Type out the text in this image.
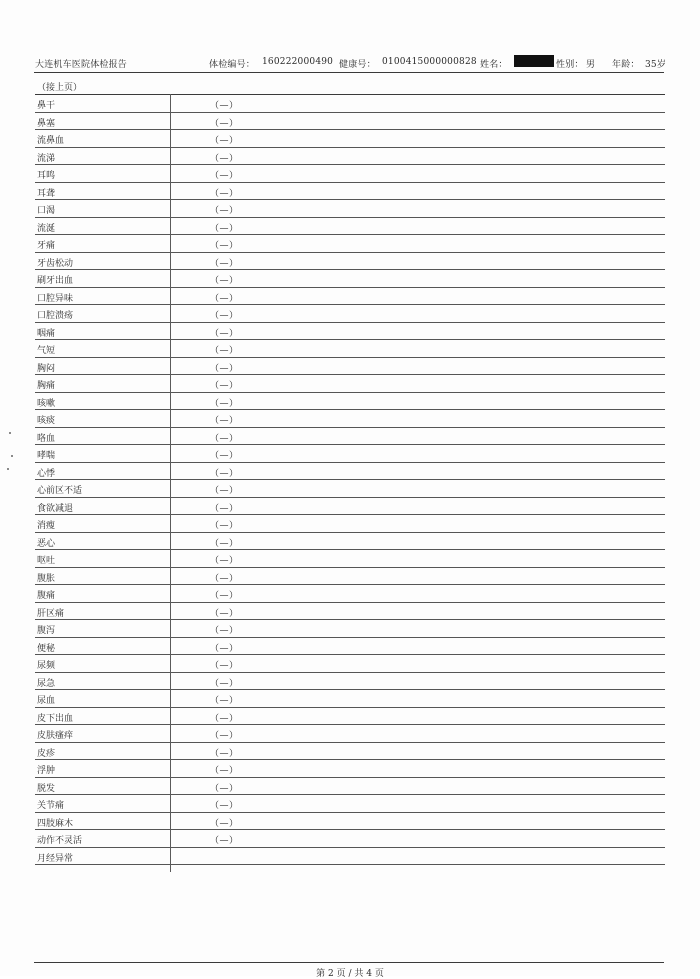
大连机车医院体检报告	体检编号： 160222000490 健康号： 0100415000000828 姓名：	性别： 男 年龄： 35岁
（接上页）
鼻干	（—）
鼻塞	（—）
流鼻血	（—）
流涕	（—）
耳鸣	（—）
耳聋	（—）
口渴	（—）
流涎	（—）
牙痛	（—）
牙齿松动	（—）
刷牙出血	（—）
口腔异味	（—）
口腔溃疡	（—）
咽痛	（—）
气短	（—）
胸闷	（—）
胸痛	（—）
咳嗽	（—）
咳痰	（—）
咯血	（—）
哮喘	（—）
心悸	（—）
心前区不适	（—）
食欲减退	（—）
消瘦	（—）
恶心	（—）
呕吐	（—）
腹胀	（—）
腹痛	（—）
肝区痛	（—）
腹泻	（—）
便秘	（—）
尿频	（—）
尿急	（—）
尿血	（—）
皮下出血	（—）
皮肤瘙痒	（—）
皮疹	（—）
浮肿	（—）
脱发	（—）
关节痛	（—）
四肢麻木	（—）
动作不灵活	（—）
月经异常
第 2 页 / 共 4 页
